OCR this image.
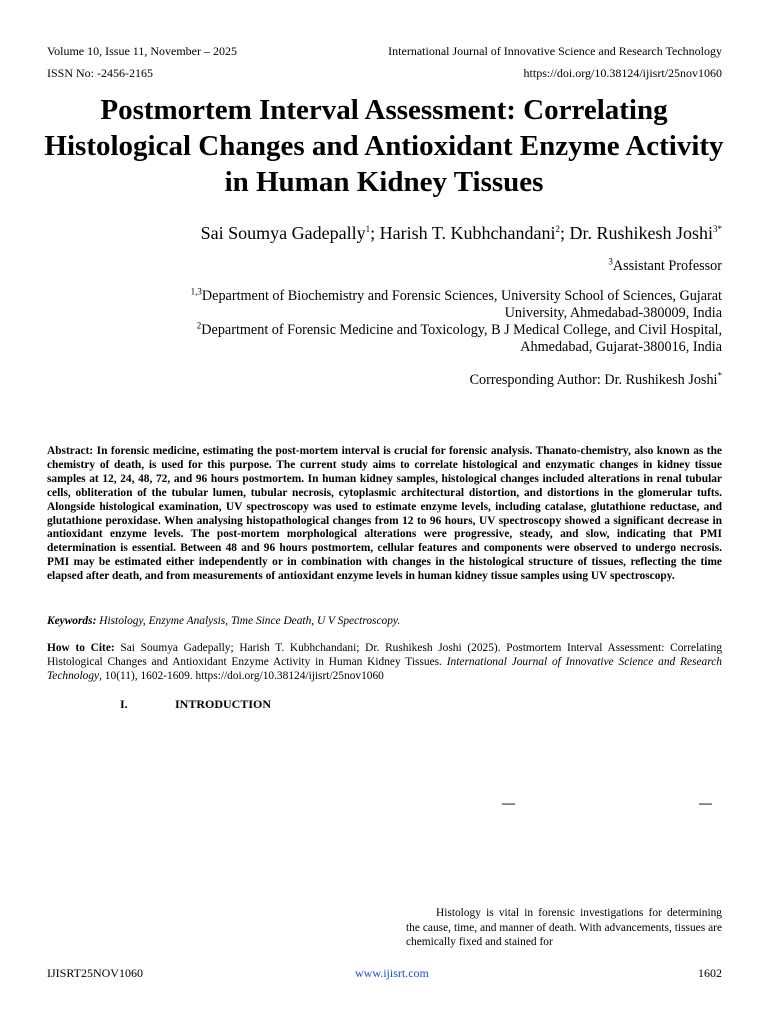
Volume 10, Issue 11, November – 2025	International Journal of Innovative Science and Research Technology
ISSN No: -2456-2165	https://doi.org/10.38124/ijisrt/25nov1060
Postmortem Interval Assessment: Correlating Histological Changes and Antioxidant Enzyme Activity in Human Kidney Tissues
Sai Soumya Gadepally$^1$; Harish T. Kubhchandani$^2$; Dr. Rushikesh Joshi$^{3*}$
$^3$Assistant Professor
$^{1,3}$Department of Biochemistry and Forensic Sciences, University School of Sciences, Gujarat
University, Ahmedabad-380009, India
$^2$Department of Forensic Medicine and Toxicology, B J Medical College, and Civil Hospital,
Ahmedabad, Gujarat-380016, India
Corresponding Author: Dr. Rushikesh Joshi*
Abstract: In forensic medicine, estimating the post-mortem interval is crucial for forensic analysis. Thanato-chemistry, also known as the chemistry of death, is used for this purpose. The current study aims to correlate histological and enzymatic changes in kidney tissue samples at 12, 24, 48, 72, and 96 hours postmortem. In human kidney samples, histological changes included alterations in renal tubular cells, obliteration of the tubular lumen, tubular necrosis, cytoplasmic architectural distortion, and distortions in the glomerular tufts. Alongside histological examination, UV spectroscopy was used to estimate enzyme levels, including catalase, glutathione reductase, and glutathione peroxidase. When analysing histopathological changes from 12 to 96 hours, UV spectroscopy showed a significant decrease in antioxidant enzyme levels. The post-mortem morphological alterations were progressive, steady, and slow, indicating that PMI determination is essential. Between 48 and 96 hours postmortem, cellular features and components were observed to undergo necrosis. PMI may be estimated either independently or in combination with changes in the histological structure of tissues, reflecting the time elapsed after death, and from measurements of antioxidant enzyme levels in human kidney tissue samples using UV spectroscopy.
Keywords: Histology, Enzyme Analysis, Time Since Death, U V Spectroscopy.
How to Cite: Sai Soumya Gadepally; Harish T. Kubhchandani; Dr. Rushikesh Joshi (2025). Postmortem Interval Assessment: Correlating Histological Changes and Antioxidant Enzyme Activity in Human Kidney Tissues. International Journal of Innovative Science and Research Technology, 10(11), 1602-1609. https://doi.org/10.38124/ijisrt/25nov1060
I.	INTRODUCTION
—	—

Histology is vital in forensic investigations for determining the cause, time, and manner of death. With advancements, tissues are chemically fixed and stained for

IJISRT25NOV1060	www.ijisrt.com	1602
